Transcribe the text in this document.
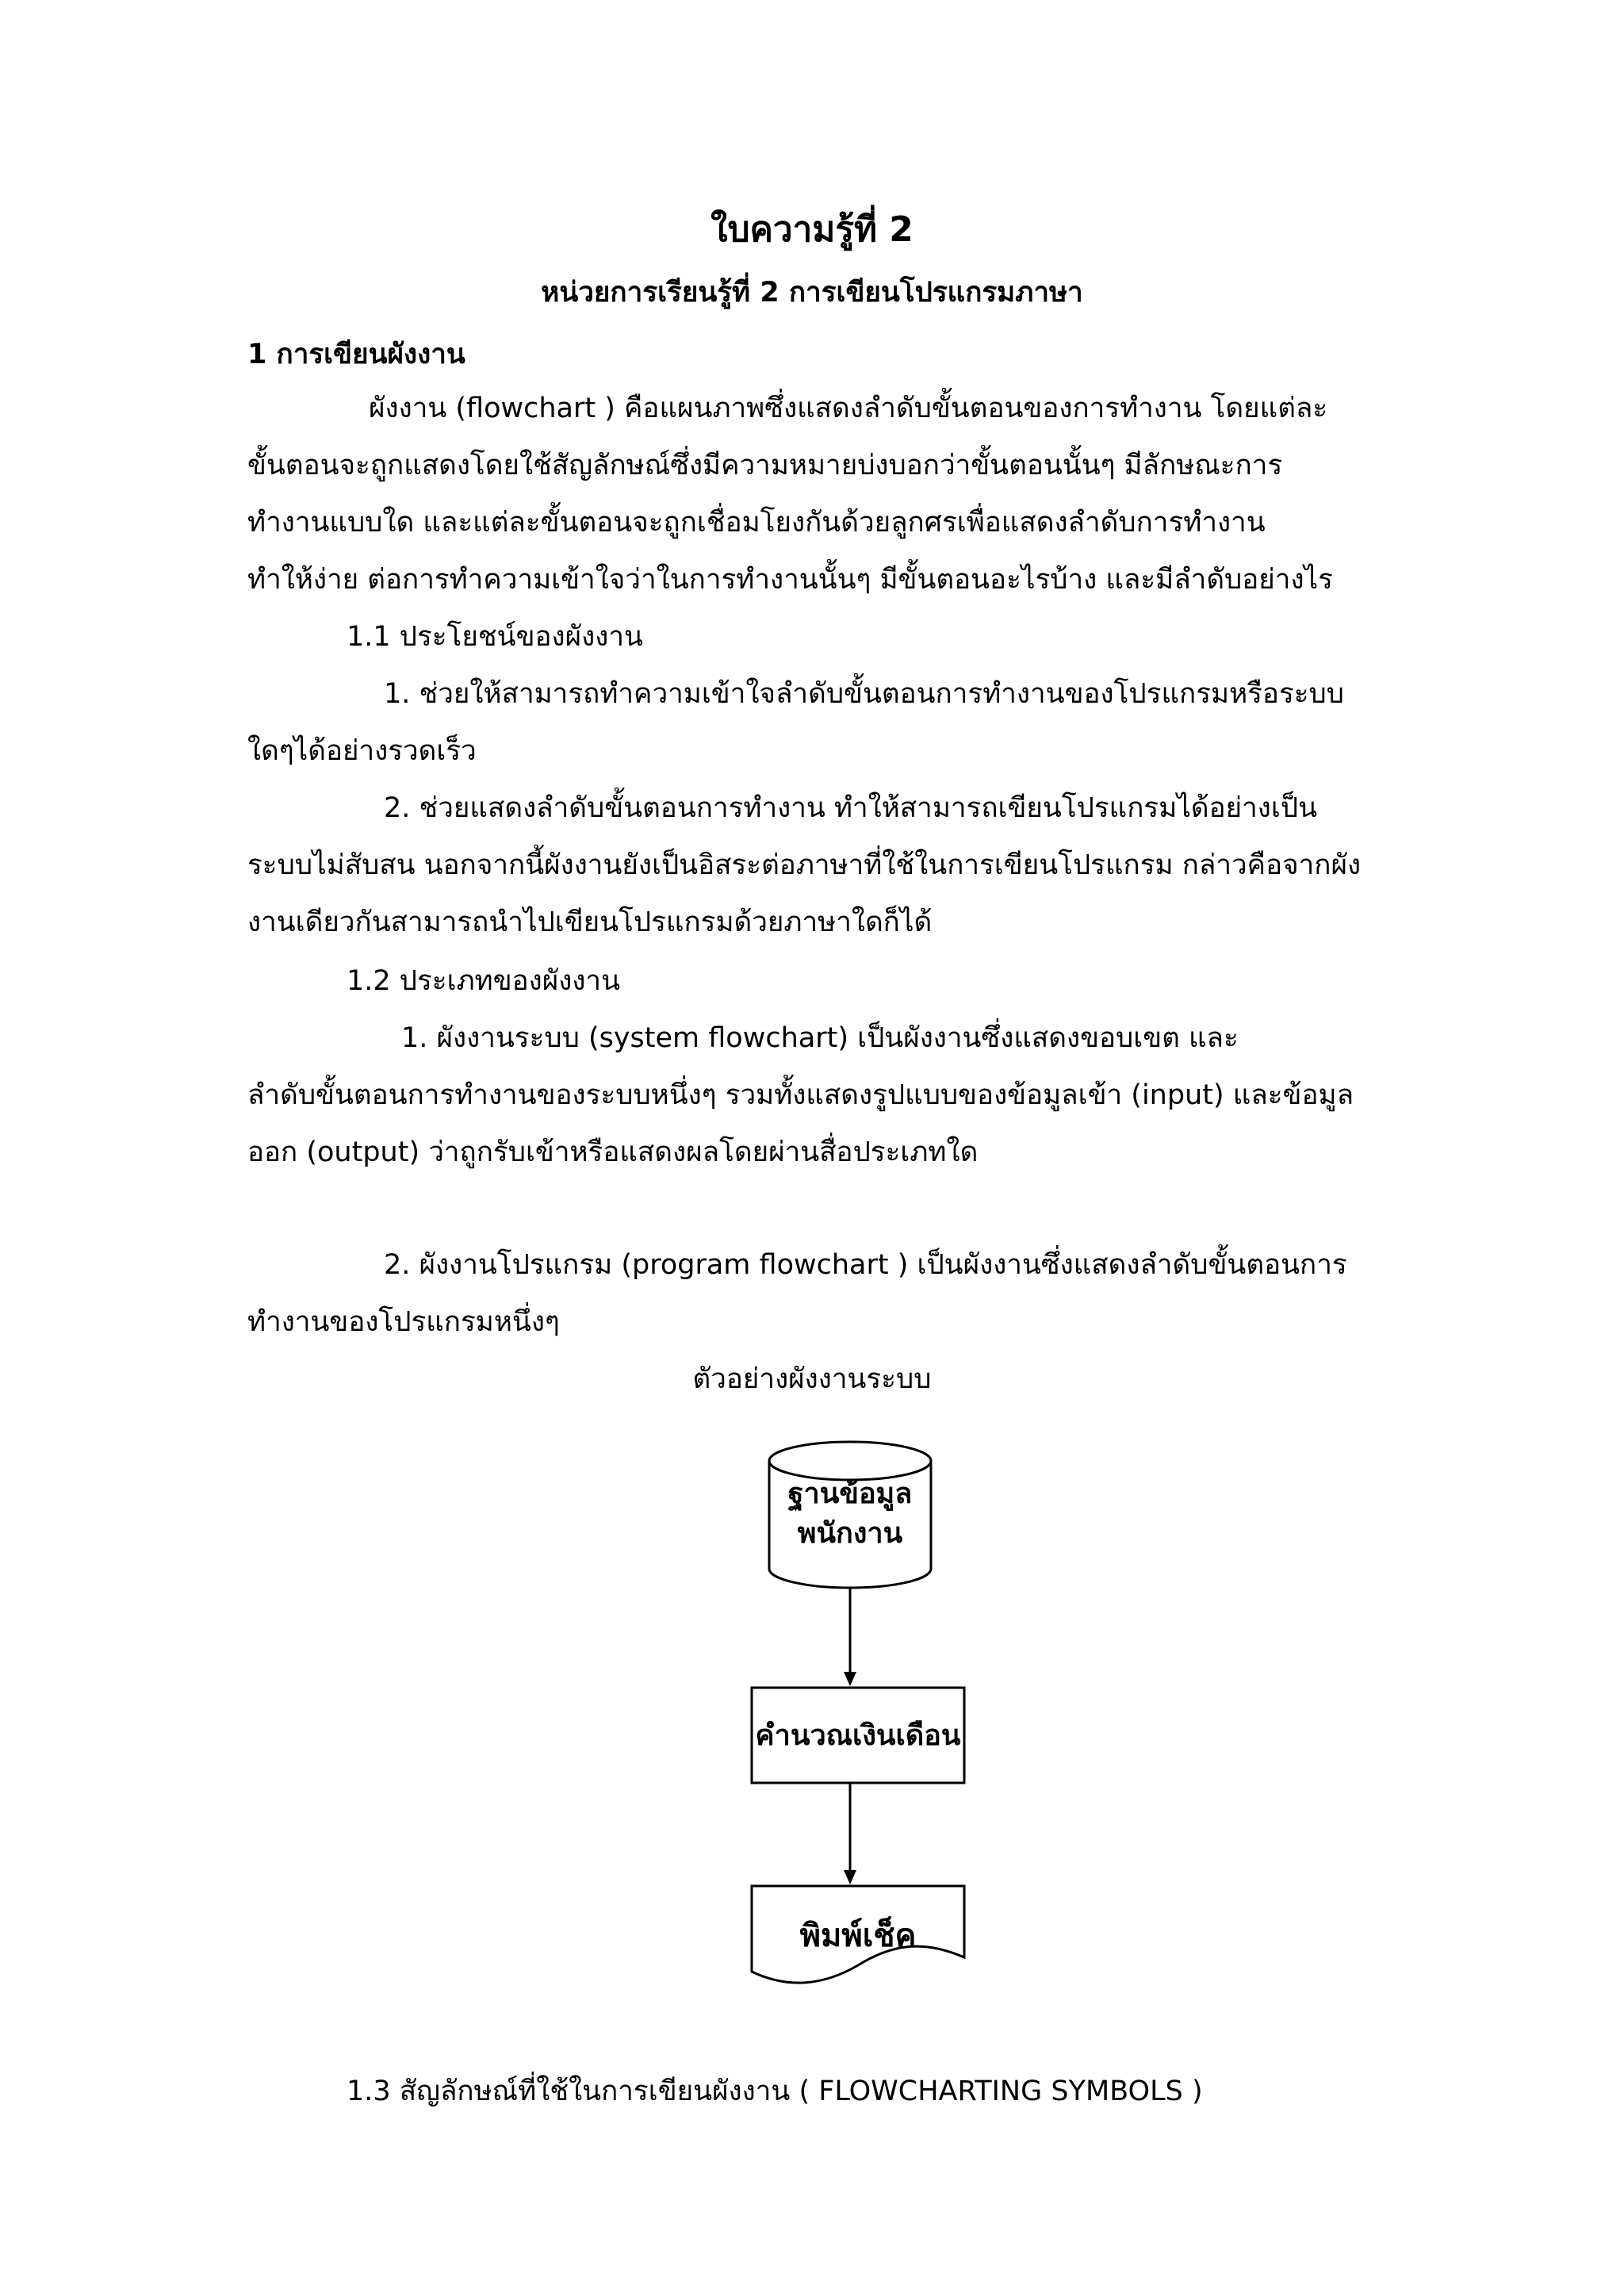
ใบความรู้ที่ 2
หน่วยการเรียนรู้ที่ 2 การเขียนโปรแกรมภาษา
1 การเขียนผังงาน
ผังงาน (flowchart ) คือแผนภาพซึ่งแสดงลำดับขั้นตอนของการทำงาน โดยแต่ละ
ขั้นตอนจะถูกแสดงโดยใช้สัญลักษณ์ซึ่งมีความหมายบ่งบอกว่าขั้นตอนนั้นๆ มีลักษณะการ
ทำงานแบบใด และแต่ละขั้นตอนจะถูกเชื่อมโยงกันด้วยลูกศรเพื่อแสดงลำดับการทำงาน
ทำให้ง่าย ต่อการทำความเข้าใจว่าในการทำงานนั้นๆ มีขั้นตอนอะไรบ้าง และมีลำดับอย่างไร
1.1 ประโยชน์ของผังงาน
1. ช่วยให้สามารถทำความเข้าใจลำดับขั้นตอนการทำงานของโปรแกรมหรือระบบ
ใดๆได้อย่างรวดเร็ว
2. ช่วยแสดงลำดับขั้นตอนการทำงาน ทำให้สามารถเขียนโปรแกรมได้อย่างเป็น
ระบบไม่สับสน นอกจากนี้ผังงานยังเป็นอิสระต่อภาษาที่ใช้ในการเขียนโปรแกรม กล่าวคือจากผัง
งานเดียวกันสามารถนำไปเขียนโปรแกรมด้วยภาษาใดก็ได้
1.2 ประเภทของผังงาน
1. ผังงานระบบ (system flowchart) เป็นผังงานซึ่งแสดงขอบเขต และ
ลำดับขั้นตอนการทำงานของระบบหนึ่งๆ รวมทั้งแสดงรูปแบบของข้อมูลเข้า (input) และข้อมูล
ออก (output) ว่าถูกรับเข้าหรือแสดงผลโดยผ่านสื่อประเภทใด
2. ผังงานโปรแกรม (program flowchart ) เป็นผังงานซึ่งแสดงลำดับขั้นตอนการ
ทำงานของโปรแกรมหนึ่งๆ
ตัวอย่างผังงานระบบ
ฐานข้อมูล
พนักงาน
คำนวณเงินเดือน
พิมพ์เช็ค
1.3 สัญลักษณ์ที่ใช้ในการเขียนผังงาน ( FLOWCHARTING SYMBOLS )
